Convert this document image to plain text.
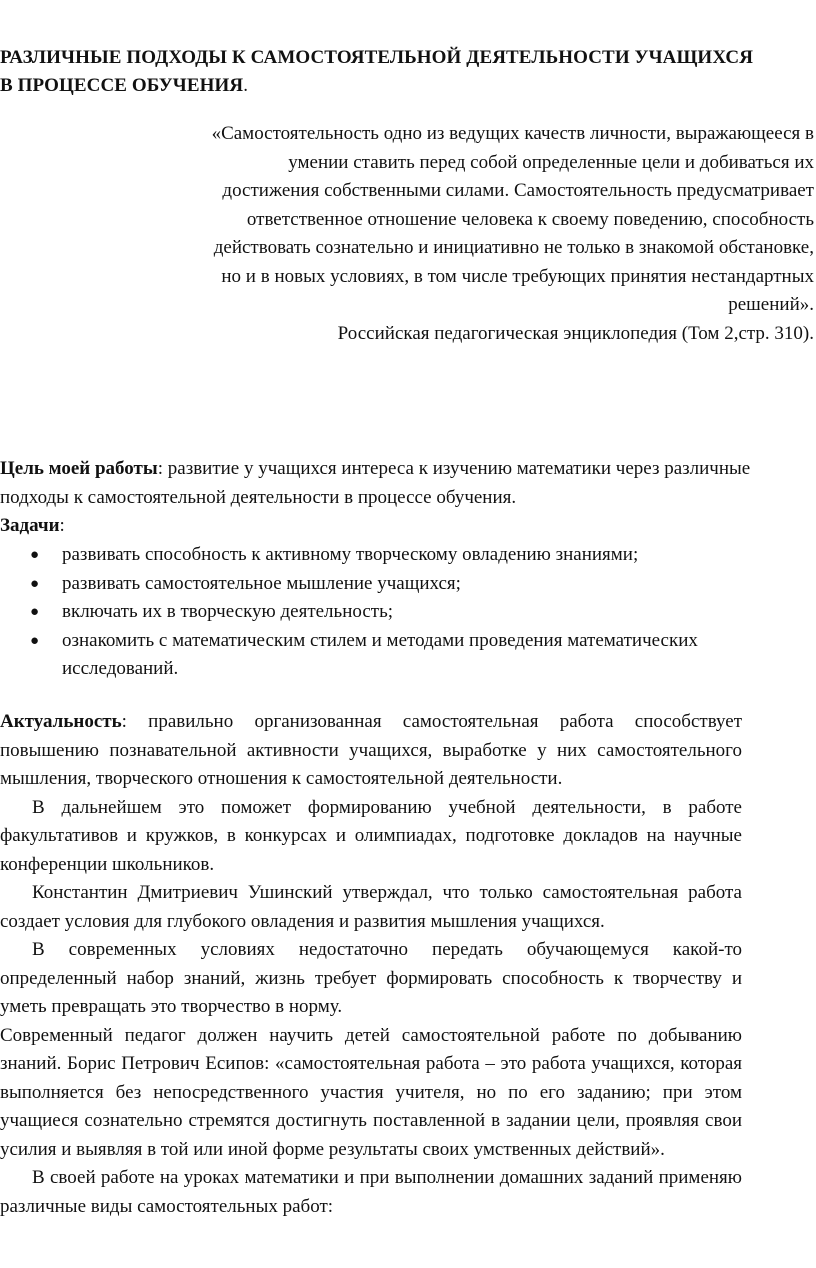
РАЗЛИЧНЫЕ ПОДХОДЫ К САМОСТОЯТЕЛЬНОЙ ДЕЯТЕЛЬНОСТИ УЧАЩИХСЯ В ПРОЦЕССЕ ОБУЧЕНИЯ.
«Самостоятельность одно из ведущих качеств личности, выражающееся в умении ставить перед собой определенные цели и добиваться их достижения собственными силами. Самостоятельность предусматривает ответственное отношение человека к своему поведению, способность действовать сознательно и инициативно не только в знакомой обстановке, но и в новых условиях, в том числе требующих принятия нестандартных решений».
Российская педагогическая энциклопедия (Том 2,стр. 310).
Цель моей работы: развитие у учащихся интереса к изучению математики через различные подходы к самостоятельной деятельности в процессе обучения.
Задачи:
● развивать способность к активному творческому овладению знаниями;
● развивать самостоятельное мышление учащихся;
● включать их в творческую деятельность;
● ознакомить с математическим стилем и методами проведения математических исследований.

Актуальность: правильно организованная самостоятельная работа способствует повышению познавательной активности учащихся, выработке у них самостоятельного мышления, творческого отношения к самостоятельной деятельности.

В дальнейшем это поможет формированию учебной деятельности, в работе факультативов и кружков, в конкурсах и олимпиадах, подготовке докладов на научные конференции школьников.

Константин Дмитриевич Ушинский утверждал, что только самостоятельная работа создает условия для глубокого овладения и развития мышления учащихся.

В современных условиях недостаточно передать обучающемуся какой-то определенный набор знаний, жизнь требует формировать способность к творчеству и уметь превращать это творчество в норму.

Современный педагог должен научить детей самостоятельной работе по добыванию знаний. Борис Петрович Есипов: «самостоятельная работа – это работа учащихся, которая выполняется без непосредственного участия учителя, но по его заданию; при этом учащиеся сознательно стремятся достигнуть поставленной в задании цели, проявляя свои усилия и выявляя в той или иной форме результаты своих умственных действий».

В своей работе на уроках математики и при выполнении домашних заданий применяю различные виды самостоятельных работ:
